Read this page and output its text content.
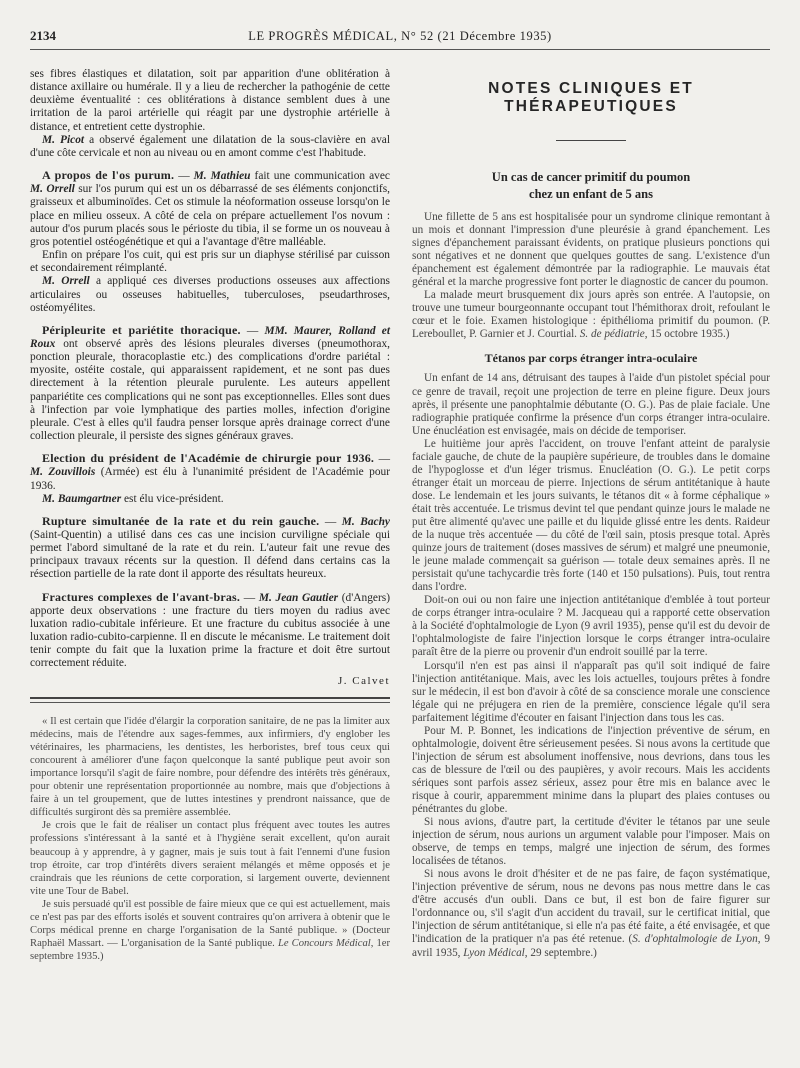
2134	LE PROGRÈS MÉDICAL, N° 52 (21 Décembre 1935)

ses fibres élastiques et dilatation, soit par apparition d'une oblitération à distance axillaire ou humérale. Il y a lieu de rechercher la pathogénie de cette deuxième éventualité : ces oblitérations à distance semblent dues à une irritation de la paroi artérielle qui réagit par une dystrophie artérielle à distance, et entretient cette dystrophie.

M. Picot a observé également une dilatation de la sous-clavière en aval d'une côte cervicale et non au niveau ou en amont comme c'est l'habitude.

A propos de l'os purum. — M. Mathieu fait une communication avec M. Orrell sur l'os purum qui est un os débarrassé de ses éléments conjonctifs, graisseux et albuminoïdes. Cet os stimule la néoformation osseuse lorsqu'on le place en milieu osseux. A côté de cela on prépare actuellement l'os novum : autour d'os purum placés sous le périoste du tibia, il se forme un os nouveau à gros potentiel ostéogénétique et qui a l'avantage d'être malléable.

Enfin on prépare l'os cuit, qui est pris sur un diaphyse stérilisé par cuisson et secondairement réimplanté.

M. Orrell a appliqué ces diverses productions osseuses aux affections articulaires ou osseuses habituelles, tuberculoses, pseudarthroses, ostéomyélites.

Péripleurite et pariétite thoracique. — MM. Maurer, Rolland et Roux ont observé après des lésions pleurales diverses (pneumothorax, ponction pleurale, thoracoplastie etc.) des complications d'ordre pariétal : myosite, ostéite costale, qui apparaissent rapidement, et ne sont pas dues directement à la rétention pleurale purulente. Les auteurs appellent panpariétite ces complications qui ne sont pas exceptionnelles. Elles sont dues à l'infection par voie lymphatique des parties molles, infection d'origine pleurale. C'est à elles qu'il faudra penser lorsque après drainage correct d'une collection pleurale, il persiste des signes généraux graves.

Election du président de l'Académie de chirurgie pour 1936. — M. Zouvillois (Armée) est élu à l'unanimité président de l'Académie pour 1936.

M. Baumgartner est élu vice-président.

Rupture simultanée de la rate et du rein gauche. — M. Bachy (Saint-Quentin) a utilisé dans ces cas une incision curviligne spéciale qui permet l'abord simultané de la rate et du rein. L'auteur fait une revue des principaux travaux récents sur la question. Il défend dans certains cas la résection partielle de la rate dont il apporte des résultats heureux.

Fractures complexes de l'avant-bras. — M. Jean Gautier (d'Angers) apporte deux observations : une fracture du tiers moyen du radius avec luxation radio-cubitale inférieure. Et une fracture du cubitus associée à une luxation radio-cubito-carpienne. Il en discute le mécanisme. Le traitement doit tenir compte du fait que la luxation prime la fracture et doit être surtout correctement réduite.

J. Calvet

« Il est certain que l'idée d'élargir la corporation sanitaire, de ne pas la limiter aux médecins, mais de l'étendre aux sages-femmes, aux infirmiers, d'y englober les vétérinaires, les pharmaciens, les dentistes, les herboristes, bref tous ceux qui concourent à améliorer d'une façon quelconque la santé publique peut avoir son importance lorsqu'il s'agit de faire nombre, pour défendre des intérêts très généraux, pour obtenir une représentation proportionnée au nombre, mais que d'objections à faire à un tel groupement, que de luttes intestines y prendront naissance, que de difficultés surgiront dès sa première assemblée.

Je crois que le fait de réaliser un contact plus fréquent avec toutes les autres professions s'intéressant à la santé et à l'hygiène serait excellent, qu'on aurait beaucoup à y apprendre, à y gagner, mais je suis tout à fait l'ennemi d'une fusion trop étroite, car trop d'intérêts divers seraient mélangés et même opposés et je craindrais que les réunions de cette corporation, si largement ouverte, deviennent vite une Tour de Babel.

Je suis persuadé qu'il est possible de faire mieux que ce qui est actuellement, mais ce n'est pas par des efforts isolés et souvent contraires qu'on arrivera à obtenir que le Corps médical prenne en charge l'organisation de la Santé publique. » (Docteur Raphaël Massart. — L'organisation de la Santé publique. Le Concours Médical, 1er septembre 1935.)

NOTES CLINIQUES ET THÉRAPEUTIQUES
Un cas de cancer primitif du poumon
chez un enfant de 5 ans

Une fillette de 5 ans est hospitalisée pour un syndrome clinique remontant à un mois et donnant l'impression d'une pleurésie à grand épanchement. Les signes d'épanchement paraissant évidents, on pratique plusieurs ponctions qui sont négatives et ne donnent que quelques gouttes de sang. L'existence d'un épanchement est également démontrée par la radiographie. Le mauvais état général et la marche progressive font porter le diagnostic de cancer du poumon.

La malade meurt brusquement dix jours après son entrée. A l'autopsie, on trouve une tumeur bourgeonnante occupant tout l'hémithorax droit, refoulant le cœur et le foie. Examen histologique : épithélioma primitif du poumon. (P. Lereboullet, P. Garnier et J. Courtial. S. de pédiatrie, 15 octobre 1935.)

Tétanos par corps étranger intra-oculaire

Un enfant de 14 ans, détruisant des taupes à l'aide d'un pistolet spécial pour ce genre de travail, reçoit une projection de terre en pleine figure. Deux jours après, il présente une panophtalmie débutante (O. G.). Pas de plaie faciale. Une radiographie pratiquée confirme la présence d'un corps étranger intra-oculaire. Une énucléation est envisagée, mais on décide de temporiser.

Le huitième jour après l'accident, on trouve l'enfant atteint de paralysie faciale gauche, de chute de la paupière supérieure, de troubles dans le domaine de l'hypoglosse et d'un léger trismus. Enucléation (O. G.). Le petit corps étranger était un morceau de pierre. Injections de sérum antitétanique à haute dose. Le lendemain et les jours suivants, le tétanos dit « à forme céphalique » était très accentuée. Le trismus devint tel que pendant quinze jours le malade ne put être alimenté qu'avec une paille et du liquide glissé entre les dents. Raideur de la nuque très accentuée — du côté de l'œil sain, ptosis presque total. Après quinze jours de traitement (doses massives de sérum) et malgré une pneumonie, le jeune malade commençait sa guérison — totale deux semaines après. Il ne persistait qu'une tachycardie très forte (140 et 150 pulsations). Puis, tout rentra dans l'ordre.

Doit-on oui ou non faire une injection antitétanique d'emblée à tout porteur de corps étranger intra-oculaire ? M. Jacqueau qui a rapporté cette observation à la Société d'ophtalmologie de Lyon (9 avril 1935), pense qu'il est du devoir de l'ophtalmologiste de faire l'injection lorsque le corps étranger intra-oculaire paraît être de la pierre ou provenir d'un endroit souillé par la terre.

Lorsqu'il n'en est pas ainsi il n'apparaît pas qu'il soit indiqué de faire l'injection antitétanique. Mais, avec les lois actuelles, toujours prêtes à fondre sur le médecin, il est bon d'avoir à côté de sa conscience morale une conscience légale qui ne préjugera en rien de la première, conscience légale qu'il sera parfaitement légitime d'écouter en faisant l'injection dans tous les cas.

Pour M. P. Bonnet, les indications de l'injection préventive de sérum, en ophtalmologie, doivent être sérieusement pesées. Si nous avons la certitude que l'injection de sérum est absolument inoffensive, nous devrions, dans tous les cas de blessure de l'œil ou des paupières, y avoir recours. Mais les accidents sériques sont parfois assez sérieux, assez pour être mis en balance avec le risque à courir, apparemment minime dans la plupart des plaies contuses ou pénétrantes du globe.

Si nous avions, d'autre part, la certitude d'éviter le tétanos par une seule injection de sérum, nous aurions un argument valable pour l'imposer. Mais on observe, de temps en temps, malgré une injection de sérum, des formes localisées de tétanos.

Si nous avons le droit d'hésiter et de ne pas faire, de façon systématique, l'injection préventive de sérum, nous ne devons pas nous mettre dans le cas d'être accusés d'un oubli. Dans ce but, il est bon de faire figurer sur l'ordonnance ou, s'il s'agit d'un accident du travail, sur le certificat initial, que l'injection de sérum antitétanique, si elle n'a pas été faite, a été envisagée, et que l'indication de la pratiquer n'a pas été retenue. (S. d'ophtalmologie de Lyon, 9 avril 1935, Lyon Médical, 29 septembre.)
